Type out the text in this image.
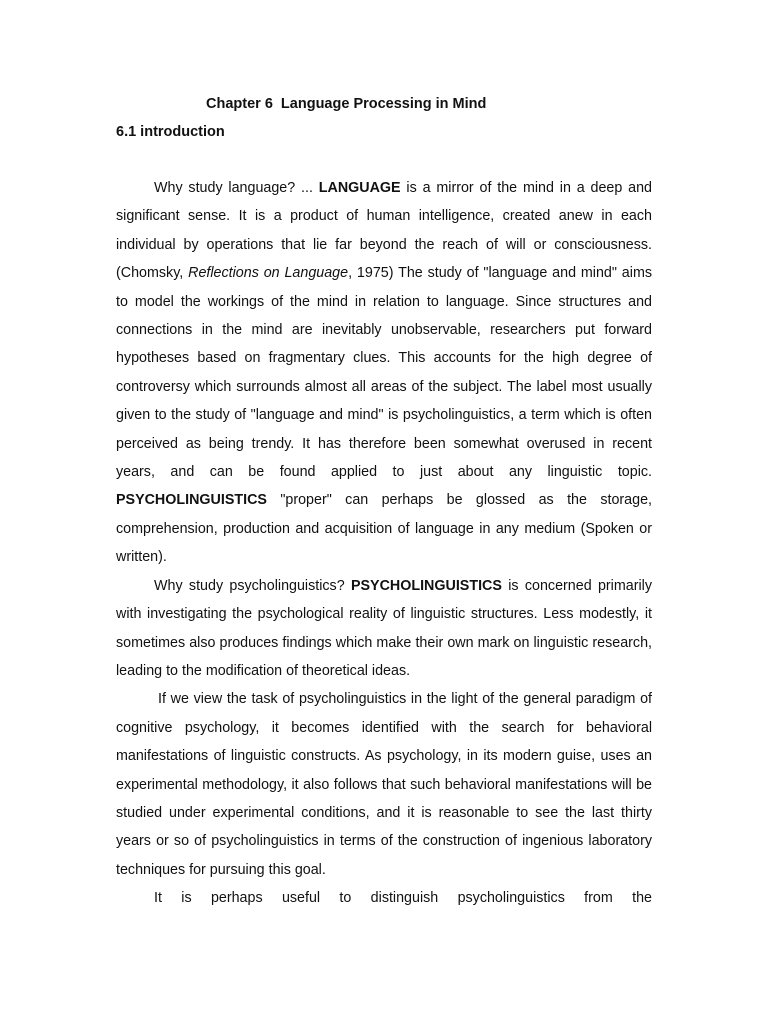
Chapter 6  Language Processing in Mind
6.1 introduction

Why study language? ... LANGUAGE is a mirror of the mind in a deep and significant sense. It is a product of human intelligence, created anew in each individual by operations that lie far beyond the reach of will or consciousness. (Chomsky, Reflections on Language, 1975) The study of "language and mind" aims to model the workings of the mind in relation to language. Since structures and connections in the mind are inevitably unobservable, researchers put forward hypotheses based on fragmentary clues. This accounts for the high degree of controversy which surrounds almost all areas of the subject. The label most usually given to the study of "language and mind" is psycholinguistics, a term which is often perceived as being trendy. It has therefore been somewhat overused in recent years, and can be found applied to just about any linguistic topic. PSYCHOLINGUISTICS "proper" can perhaps be glossed as the storage, comprehension, production and acquisition of language in any medium (Spoken or written).

Why study psycholinguistics? PSYCHOLINGUISTICS is concerned primarily with investigating the psychological reality of linguistic structures. Less modestly, it sometimes also produces findings which make their own mark on linguistic research, leading to the modification of theoretical ideas.

If we view the task of psycholinguistics in the light of the general paradigm of cognitive psychology, it becomes identified with the search for behavioral manifestations of linguistic constructs. As psychology, in its modern guise, uses an experimental methodology, it also follows that such behavioral manifestations will be studied under experimental conditions, and it is reasonable to see the last thirty years or so of psycholinguistics in terms of the construction of ingenious laboratory techniques for pursuing this goal.

It is perhaps useful to distinguish psycholinguistics from the
